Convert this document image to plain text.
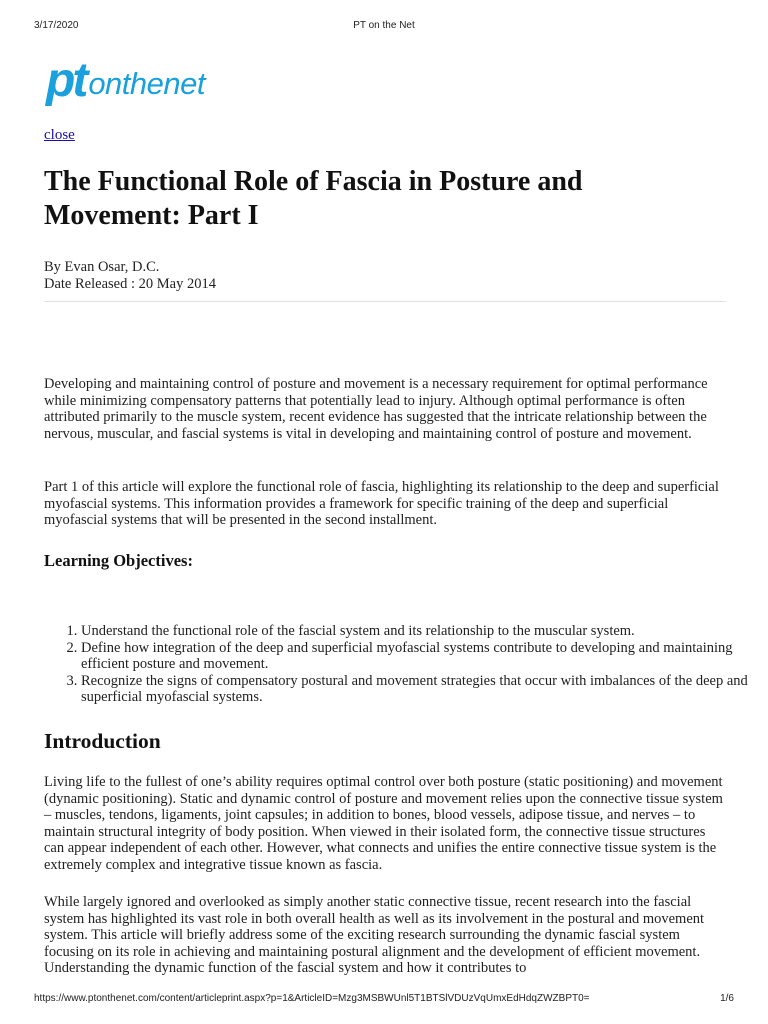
3/17/2020	PT on the Net
pt onthenet
close
The Functional Role of Fascia in Posture and Movement: Part I
By Evan Osar, D.C.
Date Released : 20 May 2014

Developing and maintaining control of posture and movement is a necessary requirement for optimal performance while minimizing compensatory patterns that potentially lead to injury. Although optimal performance is often attributed primarily to the muscle system, recent evidence has suggested that the intricate relationship between the nervous, muscular, and fascial systems is vital in developing and maintaining control of posture and movement.

Part 1 of this article will explore the functional role of fascia, highlighting its relationship to the deep and superficial myofascial systems. This information provides a framework for specific training of the deep and superficial myofascial systems that will be presented in the second installment.

Learning Objectives:
1. Understand the functional role of the fascial system and its relationship to the muscular system.
2. Define how integration of the deep and superficial myofascial systems contribute to developing and maintaining efficient posture and movement.
3. Recognize the signs of compensatory postural and movement strategies that occur with imbalances of the deep and superficial myofascial systems.
Introduction

Living life to the fullest of one’s ability requires optimal control over both posture (static positioning) and movement (dynamic positioning). Static and dynamic control of posture and movement relies upon the connective tissue system – muscles, tendons, ligaments, joint capsules; in addition to bones, blood vessels, adipose tissue, and nerves – to maintain structural integrity of body position. When viewed in their isolated form, the connective tissue structures can appear independent of each other. However, what connects and unifies the entire connective tissue system is the extremely complex and integrative tissue known as fascia.

While largely ignored and overlooked as simply another static connective tissue, recent research into the fascial system has highlighted its vast role in both overall health as well as its involvement in the postural and movement system. This article will briefly address some of the exciting research surrounding the dynamic fascial system focusing on its role in achieving and maintaining postural alignment and the development of efficient movement. Understanding the dynamic function of the fascial system and how it contributes to

https://www.ptonthenet.com/content/articleprint.aspx?p=1&ArticleID=Mzg3MSBWUnl5T1BTSlVDUzVqUmxEdHdqZWZBPT0=	1/6
